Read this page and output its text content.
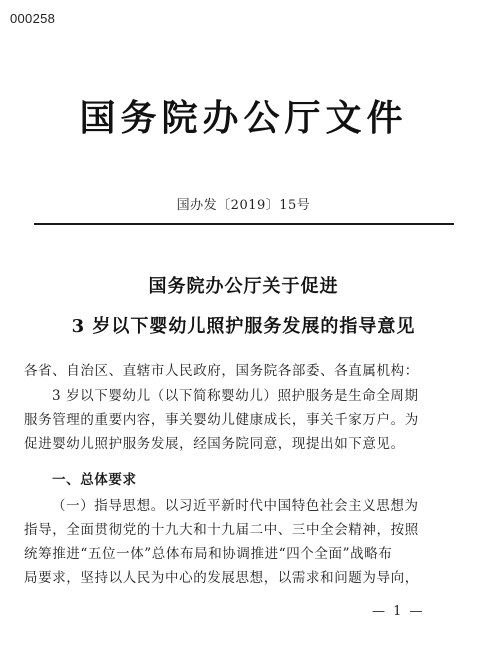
000258
国务院办公厅文件
国办发〔2019〕15号
国务院办公厅关于促进
3 岁以下婴幼儿照护服务发展的指导意见
各省、自治区、直辖市人民政府，国务院各部委、各直属机构：
3 岁以下婴幼儿（以下简称婴幼儿）照护服务是生命全周期
服务管理的重要内容，事关婴幼儿健康成长，事关千家万户。为
促进婴幼儿照护服务发展，经国务院同意，现提出如下意见。
一、总体要求
（一）指导思想。以习近平新时代中国特色社会主义思想为
指导，全面贯彻党的十九大和十九届二中、三中全会精神，按照
统筹推进“五位一体”总体布局和协调推进“四个全面”战略布
局要求，坚持以人民为中心的发展思想，以需求和问题为导向，
— 1 —
